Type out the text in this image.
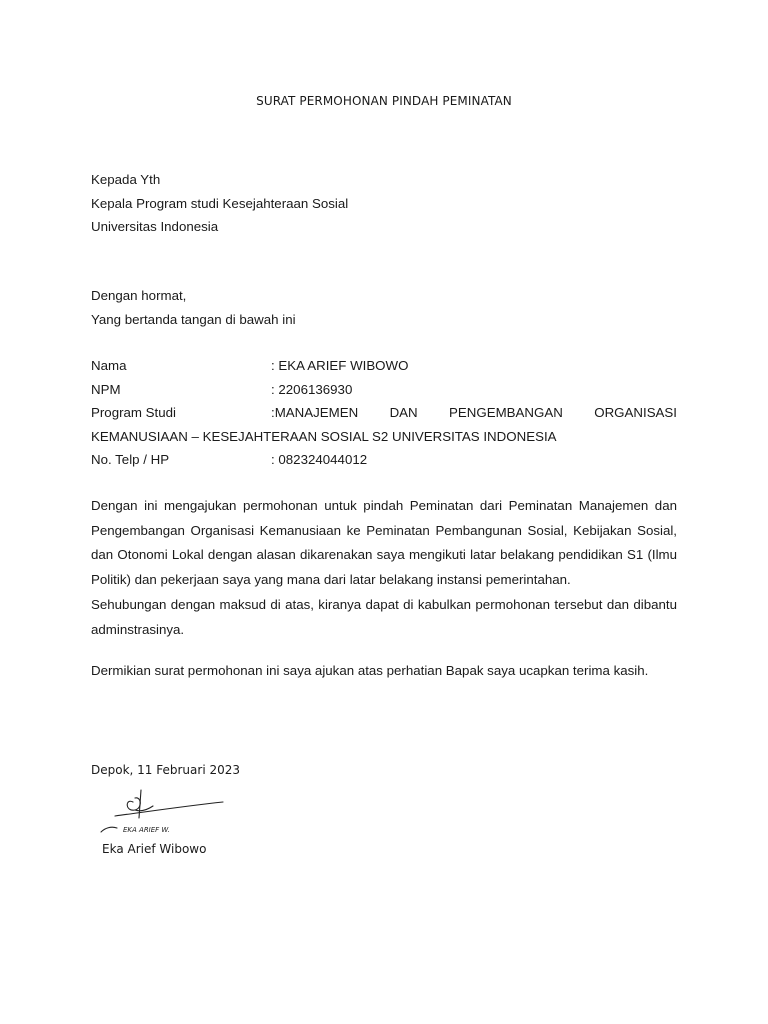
SURAT PERMOHONAN PINDAH PEMINATAN
Kepada Yth
Kepala Program studi Kesejahteraan Sosial
Universitas Indonesia
Dengan hormat,
Yang bertanda tangan di bawah ini
Nama	: EKA ARIEF WIBOWO
NPM	: 2206136930
Program Studi	:MANAJEMEN DAN PENGEMBANGAN ORGANISASI
KEMANUSIAAN – KESEJAHTERAAN SOSIAL S2 UNIVERSITAS INDONESIA
No. Telp / HP	: 082324044012
Dengan ini mengajukan permohonan untuk pindah Peminatan dari Peminatan Manajemen dan Pengembangan Organisasi Kemanusiaan ke Peminatan Pembangunan Sosial, Kebijakan Sosial, dan Otonomi Lokal dengan alasan dikarenakan saya mengikuti latar belakang pendidikan S1 (Ilmu Politik) dan pekerjaan saya yang mana dari latar belakang instansi pemerintahan.
Sehubungan dengan maksud di atas, kiranya dapat di kabulkan permohonan tersebut dan dibantu adminstrasinya.
Dermikian surat permohonan ini saya ajukan atas perhatian Bapak saya ucapkan terima kasih.
Depok, 11 Februari 2023
EKA ARIEF W.
Eka Arief Wibowo
